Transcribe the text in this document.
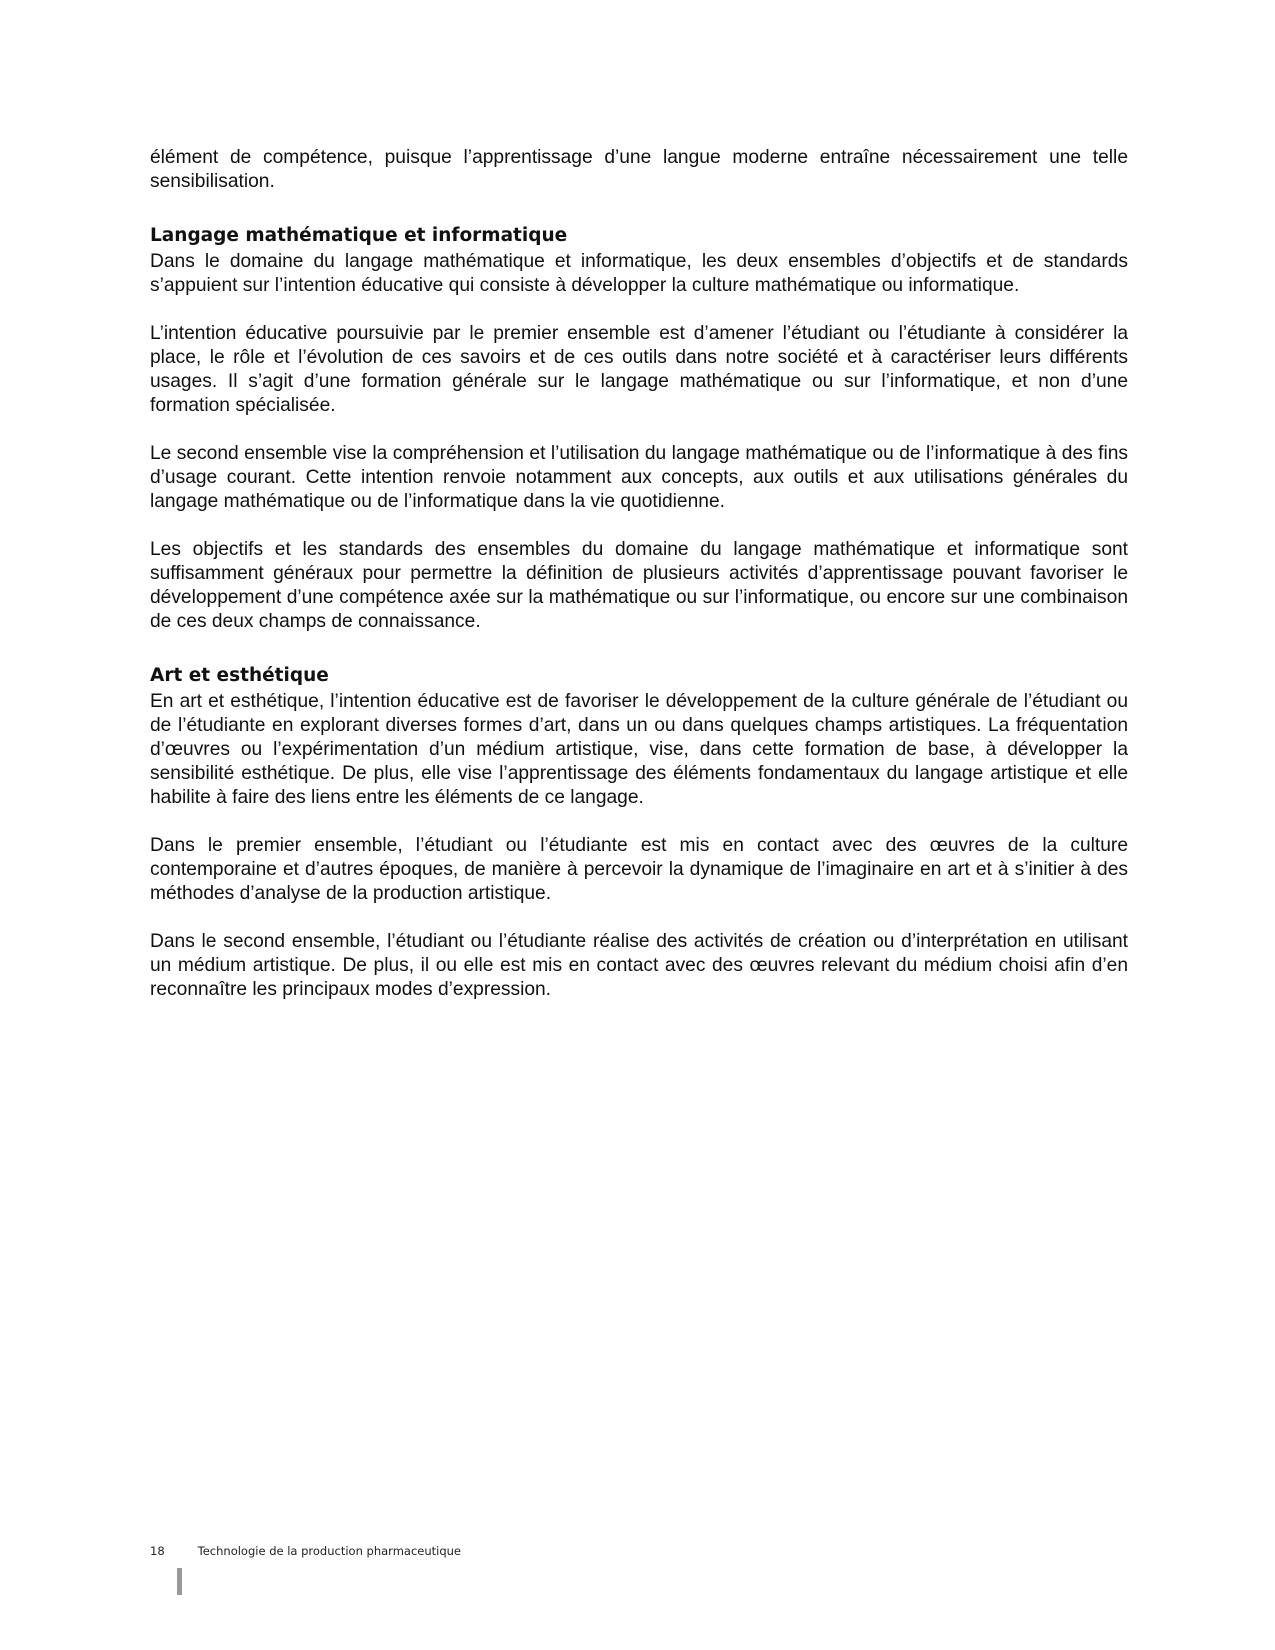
élément de compétence, puisque l’apprentissage d’une langue moderne entraîne nécessairement une telle sensibilisation.

Langage mathématique et informatique

Dans le domaine du langage mathématique et informatique, les deux ensembles d’objectifs et de standards s’appuient sur l’intention éducative qui consiste à développer la culture mathématique ou informatique.

L’intention éducative poursuivie par le premier ensemble est d’amener l’étudiant ou l’étudiante à considérer la place, le rôle et l’évolution de ces savoirs et de ces outils dans notre société et à caractériser leurs différents usages. Il s’agit d’une formation générale sur le langage mathématique ou sur l’informatique, et non d’une formation spécialisée.

Le second ensemble vise la compréhension et l’utilisation du langage mathématique ou de l’informatique à des fins d’usage courant. Cette intention renvoie notamment aux concepts, aux outils et aux utilisations générales du langage mathématique ou de l’informatique dans la vie quotidienne.

Les objectifs et les standards des ensembles du domaine du langage mathématique et informatique sont suffisamment généraux pour permettre la définition de plusieurs activités d’apprentissage pouvant favoriser le développement d’une compétence axée sur la mathématique ou sur l’informatique, ou encore sur une combinaison de ces deux champs de connaissance.

Art et esthétique

En art et esthétique, l’intention éducative est de favoriser le développement de la culture générale de l’étudiant ou de l’étudiante en explorant diverses formes d’art, dans un ou dans quelques champs artistiques. La fréquentation d’œuvres ou l’expérimentation d’un médium artistique, vise, dans cette formation de base, à développer la sensibilité esthétique. De plus, elle vise l’apprentissage des éléments fondamentaux du langage artistique et elle habilite à faire des liens entre les éléments de ce langage.

Dans le premier ensemble, l’étudiant ou l’étudiante est mis en contact avec des œuvres de la culture contemporaine et d’autres époques, de manière à percevoir la dynamique de l’imaginaire en art et à s’initier à des méthodes d’analyse de la production artistique.

Dans le second ensemble, l’étudiant ou l’étudiante réalise des activités de création ou d’interprétation en utilisant un médium artistique. De plus, il ou elle est mis en contact avec des œuvres relevant du médium choisi afin d’en reconnaître les principaux modes d’expression.

18	Technologie de la production pharmaceutique
